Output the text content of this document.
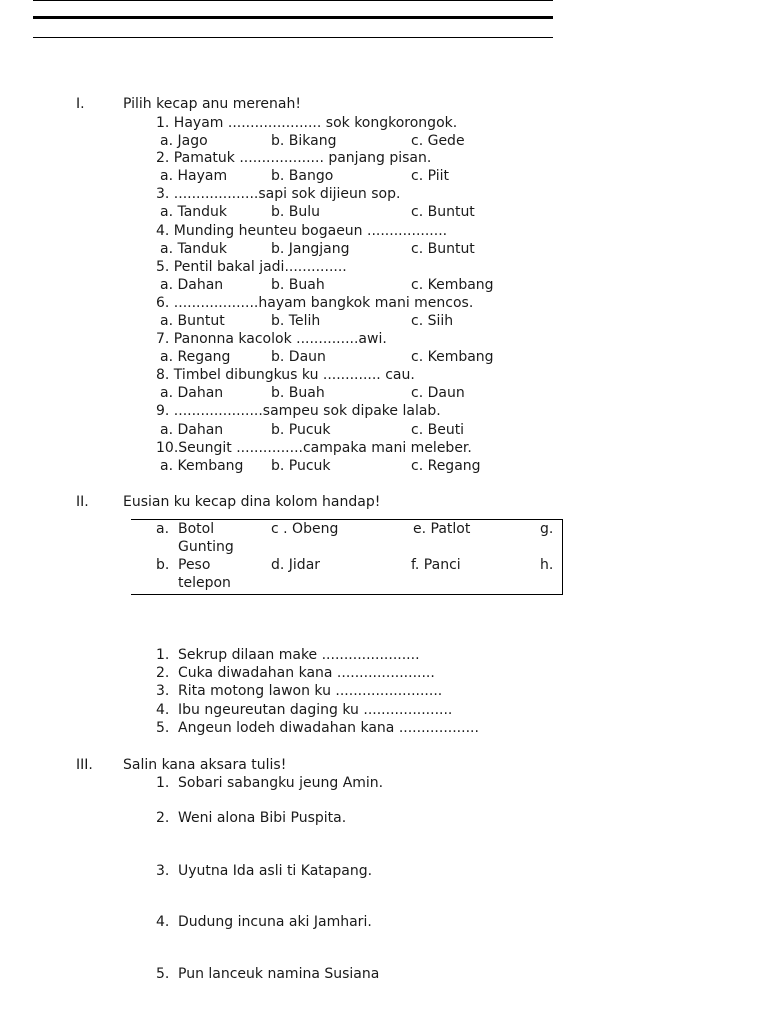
I.	Pilih kecap anu merenah!
1. Hayam ..................... sok kongkorongok.
a. Jago	b. Bikang	c. Gede
2. Pamatuk ................... panjang pisan.
a. Hayam	b. Bango	c. Piit
3. ...................sapi sok dijieun sop.
a. Tanduk	b. Bulu	c. Buntut
4. Munding heunteu bogaeun ..................
a. Tanduk	b. Jangjang	c. Buntut
5. Pentil bakal jadi..............
a. Dahan	b. Buah	c. Kembang
6. ...................hayam bangkok mani mencos.
a. Buntut	b. Telih	c. Siih
7. Panonna kacolok ..............awi.
a. Regang	b. Daun	c. Kembang
8. Timbel dibungkus ku ............. cau.
a. Dahan	b. Buah	c. Daun
9. ....................sampeu sok dipake lalab.
a. Dahan	b. Pucuk	c. Beuti
10.Seungit ...............campaka mani meleber.
a. Kembang b. Pucuk	c. Regang
II. Eusian ku kecap dina kolom handap!
a. Botol	c . Obeng	e. Patlot	g.
Gunting
b. Peso	d. Jidar	f. Panci	h.
telepon
1. Sekrup dilaan make ......................
2. Cuka diwadahan kana ......................
3. Rita motong lawon ku ........................
4. Ibu ngeureutan daging ku ....................
5. Angeun lodeh diwadahan kana ..................
III. Salin kana aksara tulis!
1. Sobari sabangku jeung Amin.
2. Weni alona Bibi Puspita.
3. Uyutna Ida asli ti Katapang.
4. Dudung incuna aki Jamhari.
5. Pun lanceuk namina Susiana
